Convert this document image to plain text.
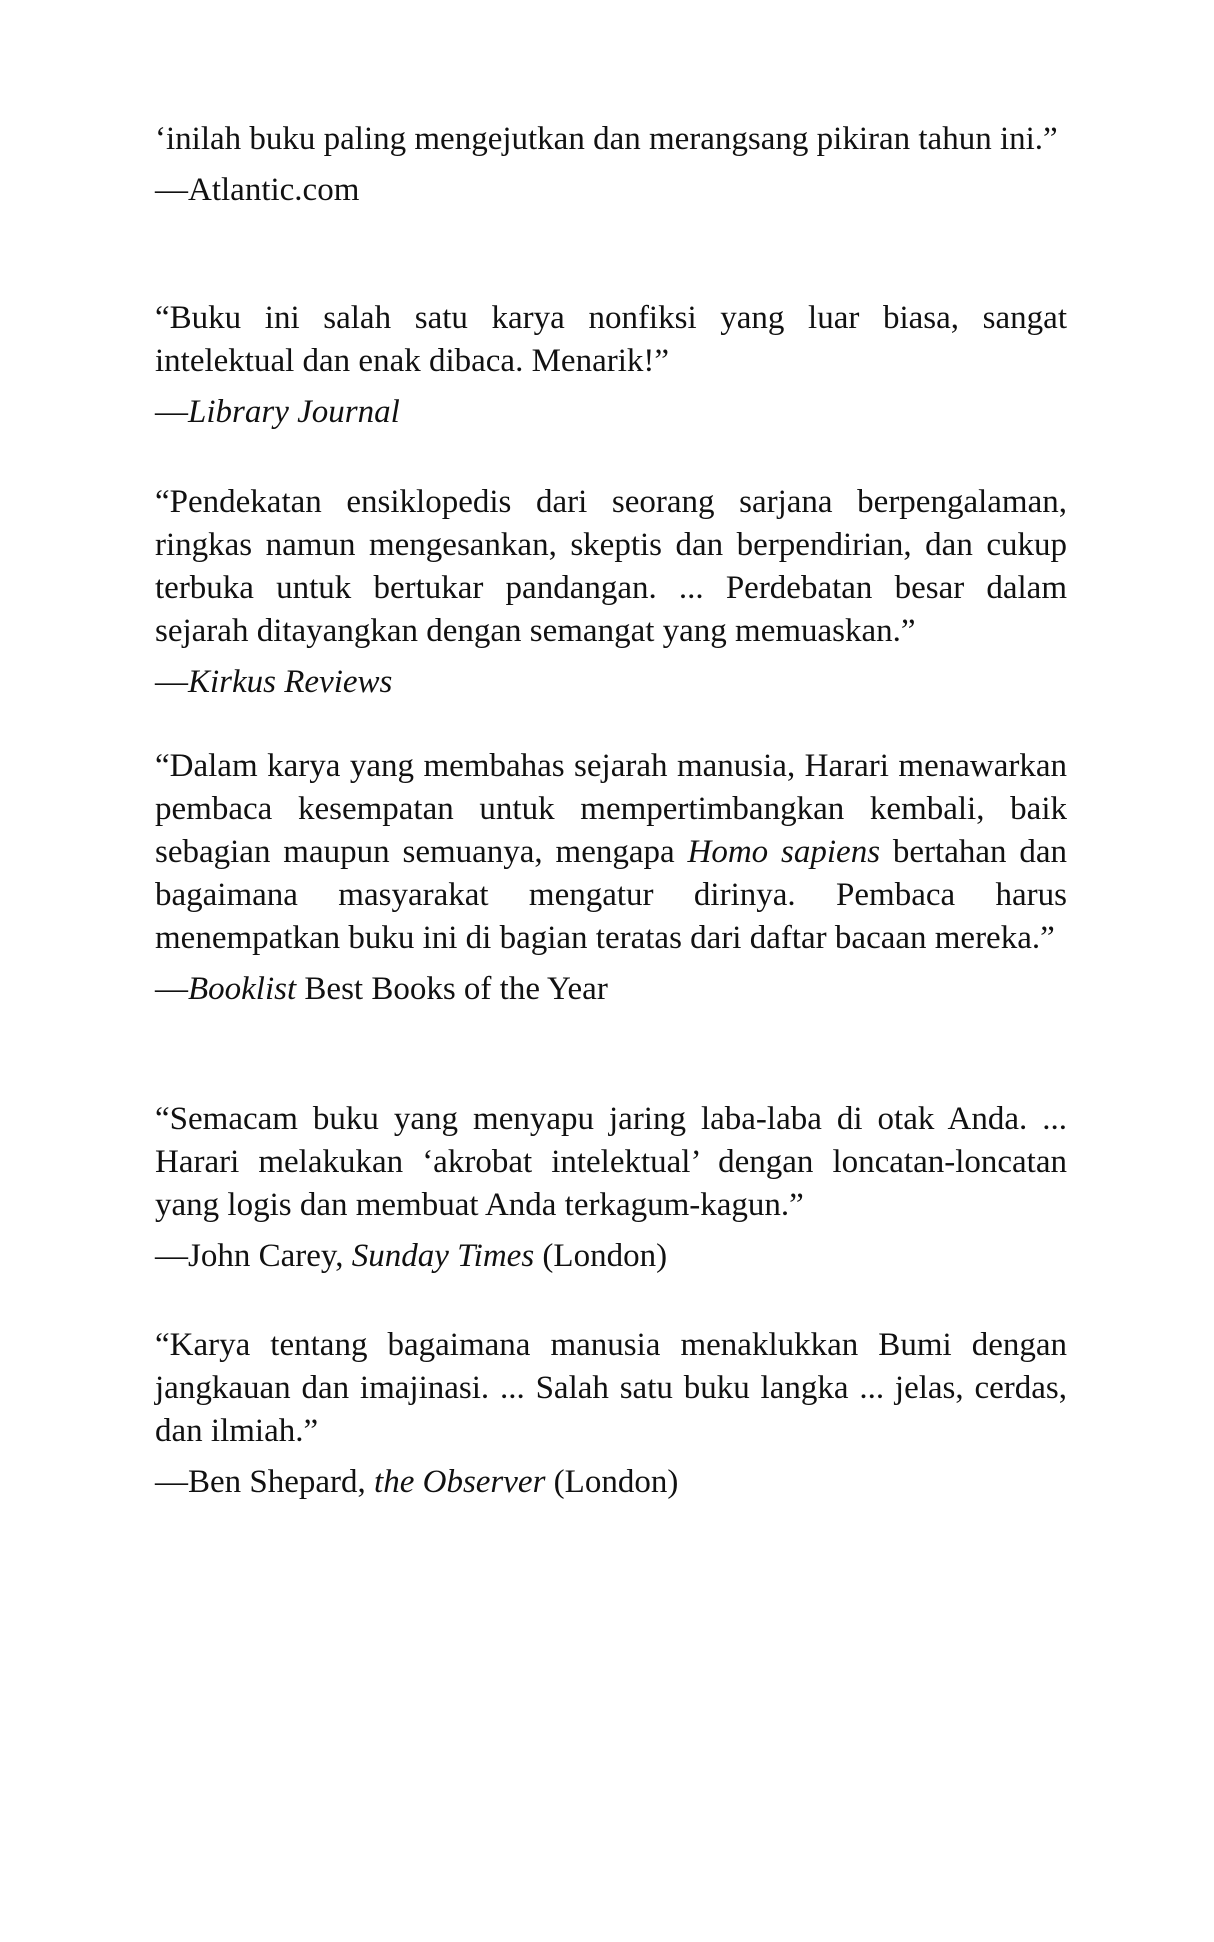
‘inilah buku paling mengejutkan dan merangsang pikiran tahun ini.”

—Atlantic.com

“Buku ini salah satu karya nonfiksi yang luar biasa, sangat intelektual dan enak dibaca. Menarik!”

—Library Journal

“Pendekatan ensiklopedis dari seorang sarjana berpengalaman, ringkas namun mengesankan, skeptis dan berpendirian, dan cukup terbuka untuk bertukar pandangan. ... Perdebatan besar dalam sejarah ditayangkan dengan semangat yang memuaskan.”

—Kirkus Reviews

“Dalam karya yang membahas sejarah manusia, Harari menawarkan pembaca kesempatan untuk mempertimbangkan kembali, baik sebagian maupun semuanya, mengapa Homo sapiens bertahan dan bagaimana masyarakat mengatur dirinya. Pembaca harus menempatkan buku ini di bagian teratas dari daftar bacaan mereka.”

—Booklist Best Books of the Year

“Semacam buku yang menyapu jaring laba-laba di otak Anda. ... Harari melakukan ‘akrobat intelektual’ dengan loncatan-loncatan yang logis dan membuat Anda terkagum-kagun.”

—John Carey, Sunday Times (London)

“Karya tentang bagaimana manusia menaklukkan Bumi dengan jangkauan dan imajinasi. ... Salah satu buku langka ... jelas, cerdas, dan ilmiah.”

—Ben Shepard, the Observer (London)
